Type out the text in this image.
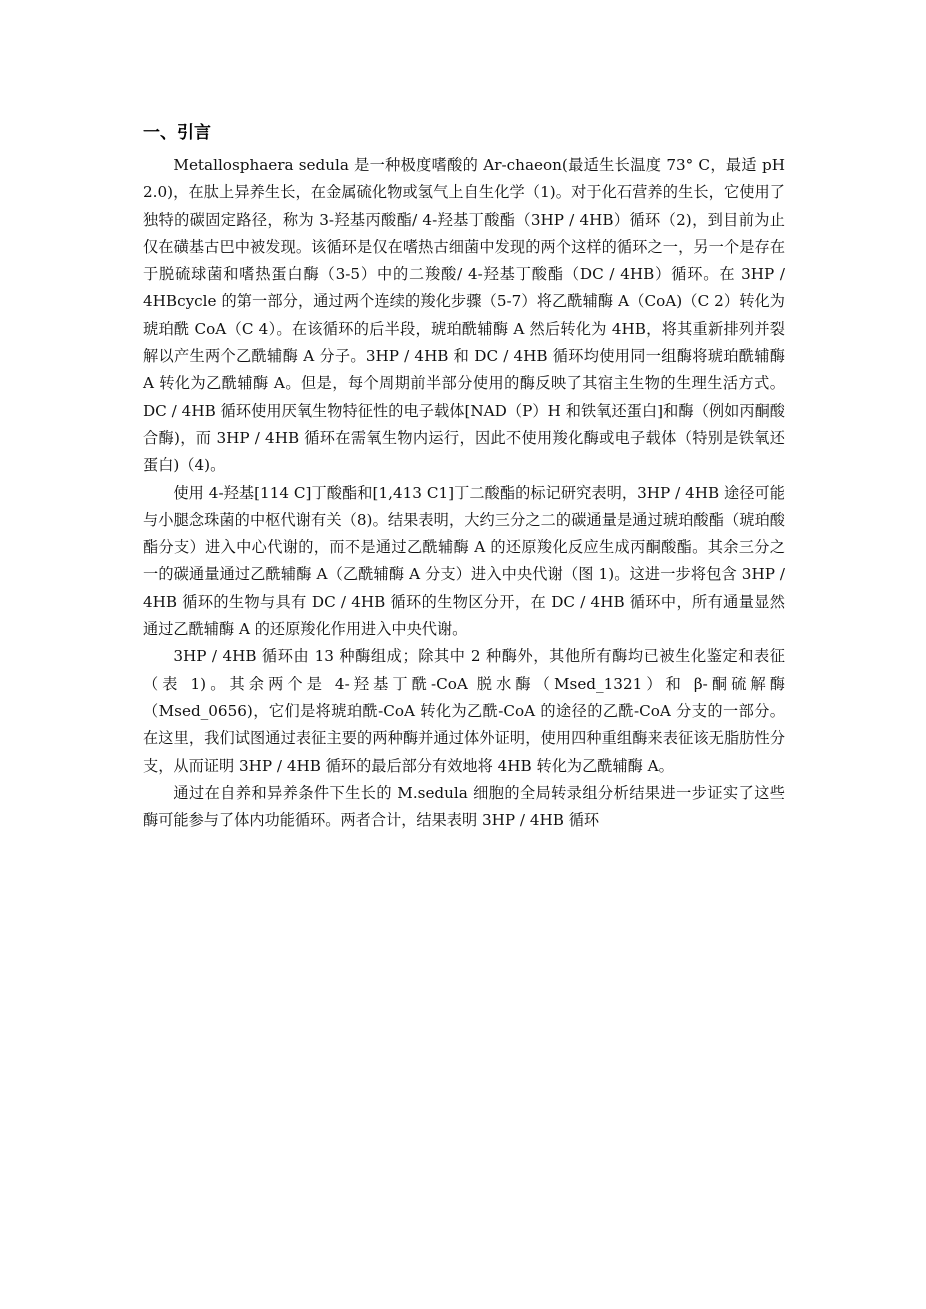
一、引言

Metallosphaera sedula 是一种极度嗜酸的 Ar-chaeon(最适生长温度 73° C，最适 pH 2.0)，在肽上异养生长，在金属硫化物或氢气上自生化学（1)。对于化石营养的生长，它使用了独特的碳固定路径，称为 3-羟基丙酸酯/ 4-羟基丁酸酯（3HP / 4HB）循环（2)，到目前为止仅在磺基古巴中被发现。该循环是仅在嗜热古细菌中发现的两个这样的循环之一，另一个是存在于脱硫球菌和嗜热蛋白酶（3-5）中的二羧酸/ 4-羟基丁酸酯（DC / 4HB）循环。在 3HP / 4HBcycle 的第一部分，通过两个连续的羧化步骤（5-7）将乙酰辅酶 A（CoA)（C 2）转化为琥珀酰 CoA（C 4）。在该循环的后半段，琥珀酰辅酶 A 然后转化为 4HB，将其重新排列并裂解以产生两个乙酰辅酶 A 分子。3HP / 4HB 和 DC / 4HB 循环均使用同一组酶将琥珀酰辅酶 A 转化为乙酰辅酶 A。但是，每个周期前半部分使用的酶反映了其宿主生物的生理生活方式。DC / 4HB 循环使用厌氧生物特征性的电子载体[NAD（P）H 和铁氧还蛋白]和酶（例如丙酮酸合酶)，而 3HP / 4HB 循环在需氧生物内运行，因此不使用羧化酶或电子载体（特别是铁氧还蛋白)（4)。

使用 4-羟基[114 C]丁酸酯和[1,413 C1]丁二酸酯的标记研究表明，3HP / 4HB 途径可能与小腿念珠菌的中枢代谢有关（8)。结果表明，大约三分之二的碳通量是通过琥珀酸酯（琥珀酸酯分支）进入中心代谢的，而不是通过乙酰辅酶 A 的还原羧化反应生成丙酮酸酯。其余三分之一的碳通量通过乙酰辅酶 A（乙酰辅酶 A 分支）进入中央代谢（图 1)。这进一步将包含 3HP / 4HB 循环的生物与具有 DC / 4HB 循环的生物区分开，在 DC / 4HB 循环中，所有通量显然通过乙酰辅酶 A 的还原羧化作用进入中央代谢。

3HP / 4HB 循环由 13 种酶组成；除其中 2 种酶外，其他所有酶均已被生化鉴定和表征（表 1)。其余两个是 4-羟基丁酰-CoA 脱水酶（Msed_1321）和 β-酮硫解酶（Msed_0656)，它们是将琥珀酰-CoA 转化为乙酰-CoA 的途径的乙酰-CoA 分支的一部分。在这里，我们试图通过表征主要的两种酶并通过体外证明，使用四种重组酶来表征该无脂肪性分支，从而证明 3HP / 4HB 循环的最后部分有效地将 4HB 转化为乙酰辅酶 A。

通过在自养和异养条件下生长的 M.sedula 细胞的全局转录组分析结果进一步证实了这些酶可能参与了体内功能循环。两者合计，结果表明 3HP / 4HB 循环
